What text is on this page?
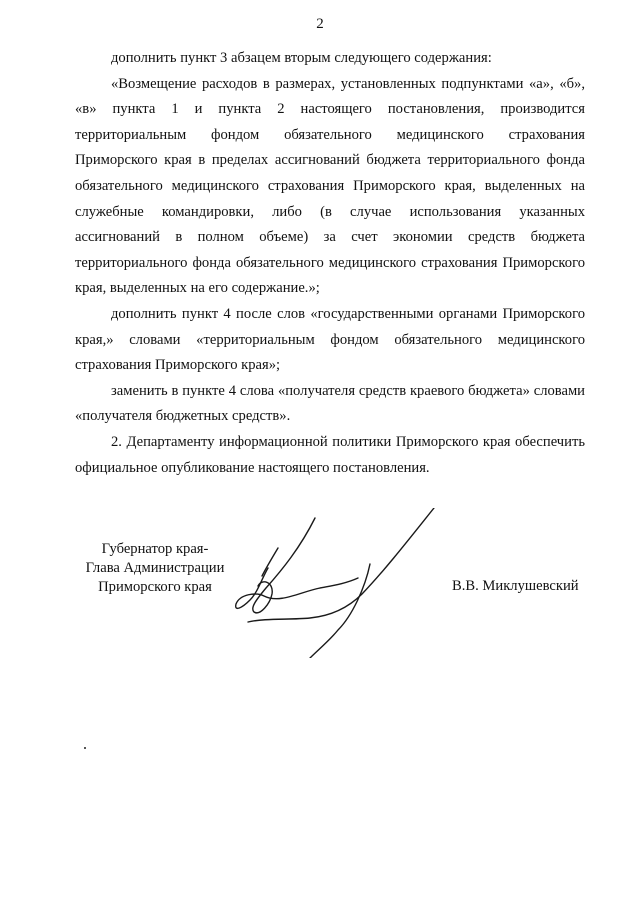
2

дополнить пункт 3 абзацем вторым следующего содержания:

«Возмещение расходов в размерах, установленных подпунктами «а», «б», «в» пункта 1 и пункта 2 настоящего постановления, производится территориальным фондом обязательного медицинского страхования Приморского края в пределах ассигнований бюджета территориального фонда обязательного медицинского страхования Приморского края, выделенных на служебные командировки, либо (в случае использования указанных ассигнований в полном объеме) за счет экономии средств бюджета территориального фонда обязательного медицинского страхования Приморского края, выделенных на его содержание.»;

дополнить пункт 4 после слов «государственными органами Приморского края,» словами «территориальным фондом обязательного медицинского страхования Приморского края»;

заменить в пункте 4 слова «получателя средств краевого бюджета» словами «получателя бюджетных средств».

2. Департаменту информационной политики Приморского края обеспечить официальное опубликование настоящего постановления.

Губернатор края-
Глава Администрации
Приморского края	В.В. Миклушевский
